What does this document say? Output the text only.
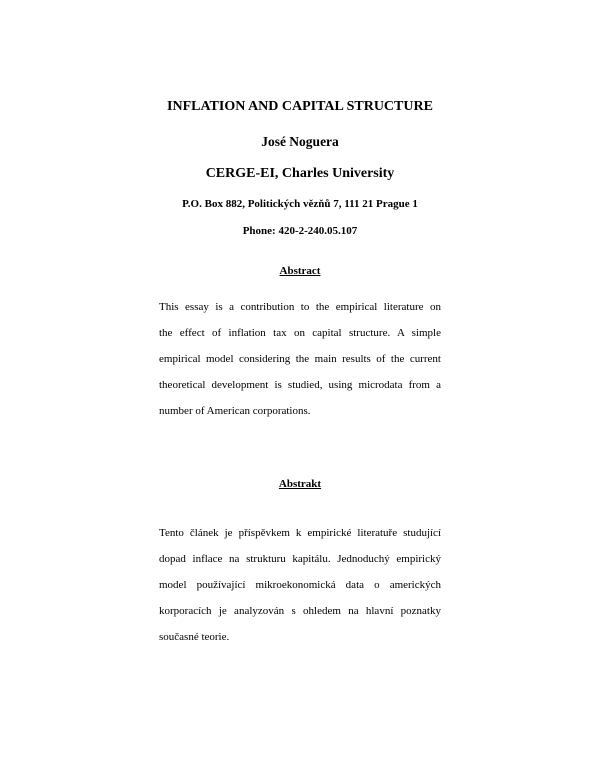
INFLATION AND CAPITAL STRUCTURE
José Noguera
CERGE-EI, Charles University
P.O. Box 882, Politických vězňů 7, 111 21 Prague 1
Phone: 420-2-240.05.107
Abstract
This essay is a contribution to the empirical literature on
the effect of inflation tax on capital structure. A simple
empirical model considering the main results of the current
theoretical development is studied, using microdata from a
number of American corporations.
Abstrakt
Tento článek je příspěvkem k empirické literatuře studující
dopad inflace na strukturu kapitálu. Jednoduchý empirický
model používající mikroekonomická data o amerických
korporacích je analyzován s ohledem na hlavní poznatky
současné teorie.
